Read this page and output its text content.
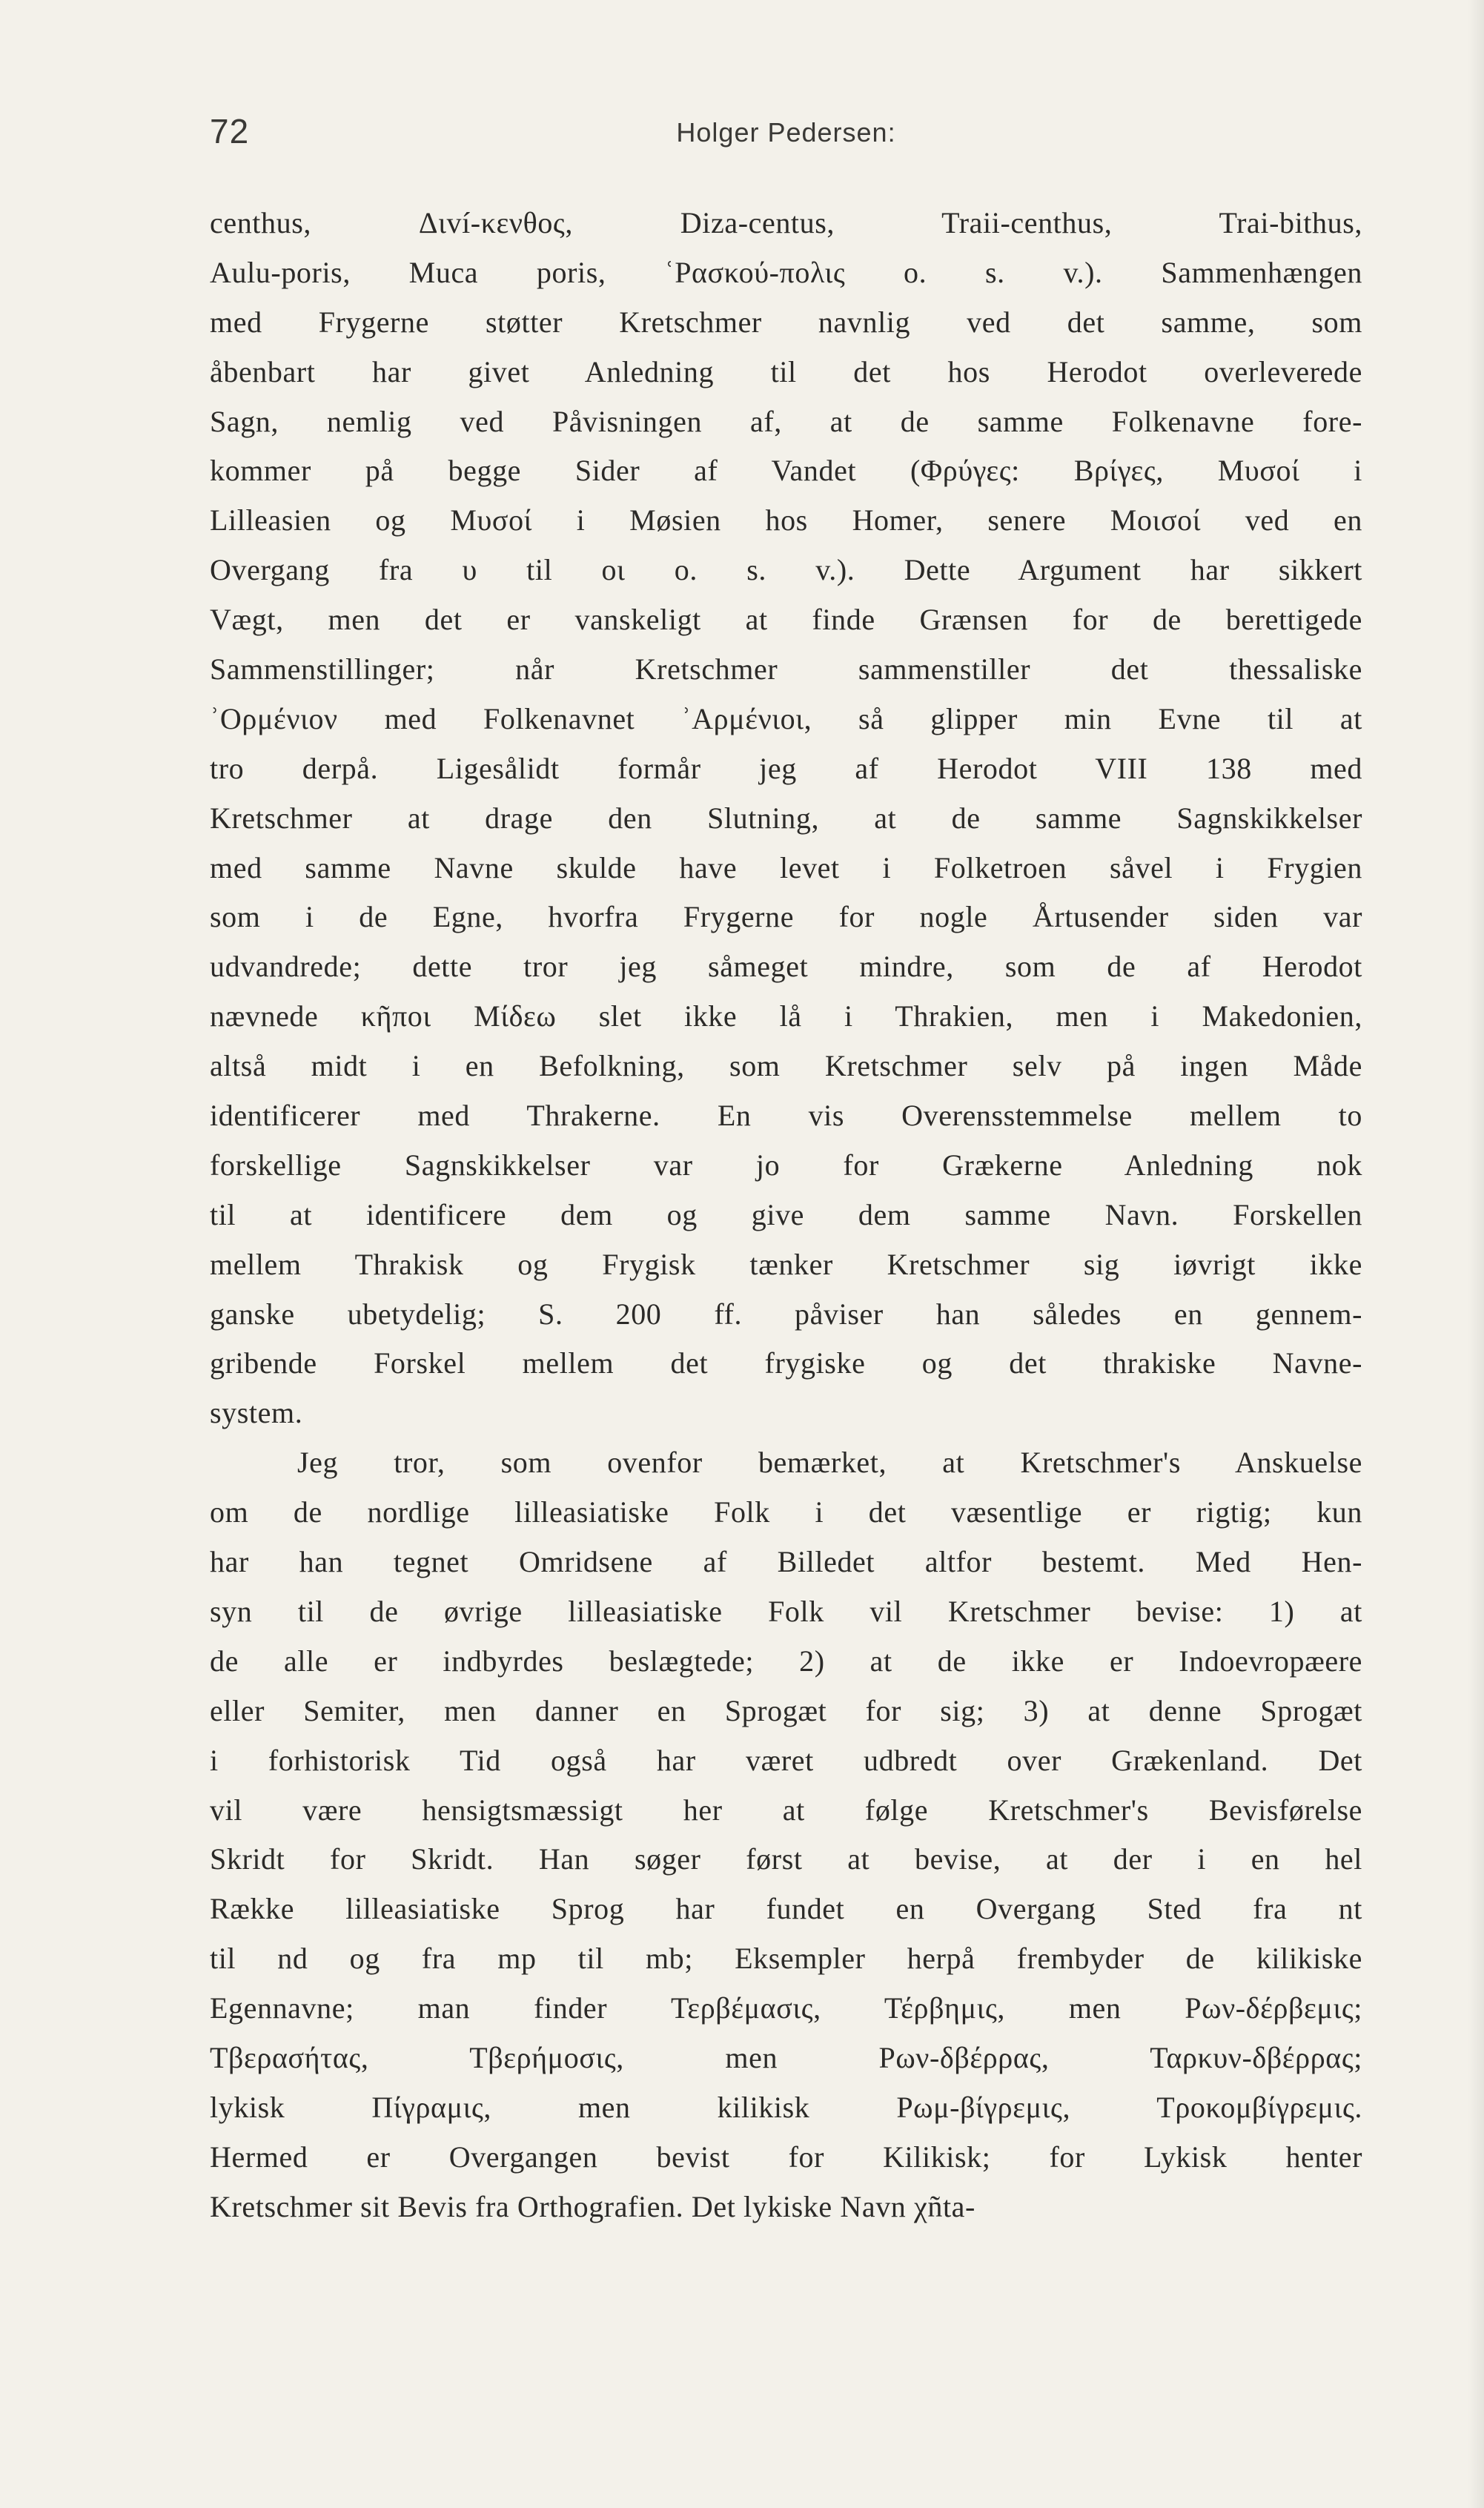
72	Holger Pedersen:
centhus, Διví-κενθος, Diza-centus, Traii-centhus, Trai-bithus,
Aulu-poris, Muca poris, ʿΡασκού-πολις o. s. v.). Sammenhængen
med Frygerne støtter Kretschmer navnlig ved det samme, som
åbenbart har givet Anledning til det hos Herodot overleverede
Sagn, nemlig ved Påvisningen af, at de samme Folkenavne fore-
kommer på begge Sider af Vandet (Φρύγες: Βρίγες, Μυσοί i
Lilleasien og Μυσοί i Møsien hos Homer, senere Μοισοί ved en
Overgang fra υ til οι o. s. v.). Dette Argument har sikkert
Vægt, men det er vanskeligt at finde Grænsen for de berettigede
Sammenstillinger; når Kretschmer sammenstiller det thessaliske
ʾΟρμένιον med Folkenavnet ʾΑρμένιοι, så glipper min Evne til at
tro derpå. Ligesålidt formår jeg af Herodot VIII 138 med
Kretschmer at drage den Slutning, at de samme Sagnskikkelser
med samme Navne skulde have levet i Folketroen såvel i Frygien
som i de Egne, hvorfra Frygerne for nogle Årtusender siden var
udvandrede; dette tror jeg såmeget mindre, som de af Herodot
nævnede κῆποι Μίδεω slet ikke lå i Thrakien, men i Makedonien,
altså midt i en Befolkning, som Kretschmer selv på ingen Måde
identificerer med Thrakerne. En vis Overensstemmelse mellem to
forskellige Sagnskikkelser var jo for Grækerne Anledning nok
til at identificere dem og give dem samme Navn. Forskellen
mellem Thrakisk og Frygisk tænker Kretschmer sig iøvrigt ikke
ganske ubetydelig; S. 200 ff. påviser han således en gennem-
gribende Forskel mellem det frygiske og det thrakiske Navne-
system.
Jeg tror, som ovenfor bemærket, at Kretschmer's Anskuelse
om de nordlige lilleasiatiske Folk i det væsentlige er rigtig; kun
har han tegnet Omridsene af Billedet altfor bestemt. Med Hen-
syn til de øvrige lilleasiatiske Folk vil Kretschmer bevise: 1) at
de alle er indbyrdes beslægtede; 2) at de ikke er Indoevropæere
eller Semiter, men danner en Sprogæt for sig; 3) at denne Sprogæt
i forhistorisk Tid også har været udbredt over Grækenland. Det
vil være hensigtsmæssigt her at følge Kretschmer's Bevisførelse
Skridt for Skridt. Han søger først at bevise, at der i en hel
Række lilleasiatiske Sprog har fundet en Overgang Sted fra nt
til nd og fra mp til mb; Eksempler herpå frembyder de kilikiske
Egennavne; man finder Τερβέμασις, Τέρβημις, men Ρων-δέρβεμις;
Τβερασήτας, Τβερήμοσις, men Ρων-δβέρρας, Ταρκυν-δβέρρας;
lykisk Πίγραμις, men kilikisk Ρωμ-βίγρεμις, Τροκομβίγρεμις.
Hermed er Overgangen bevist for Kilikisk; for Lykisk henter
Kretschmer sit Bevis fra Orthografien. Det lykiske Navn χñta-
